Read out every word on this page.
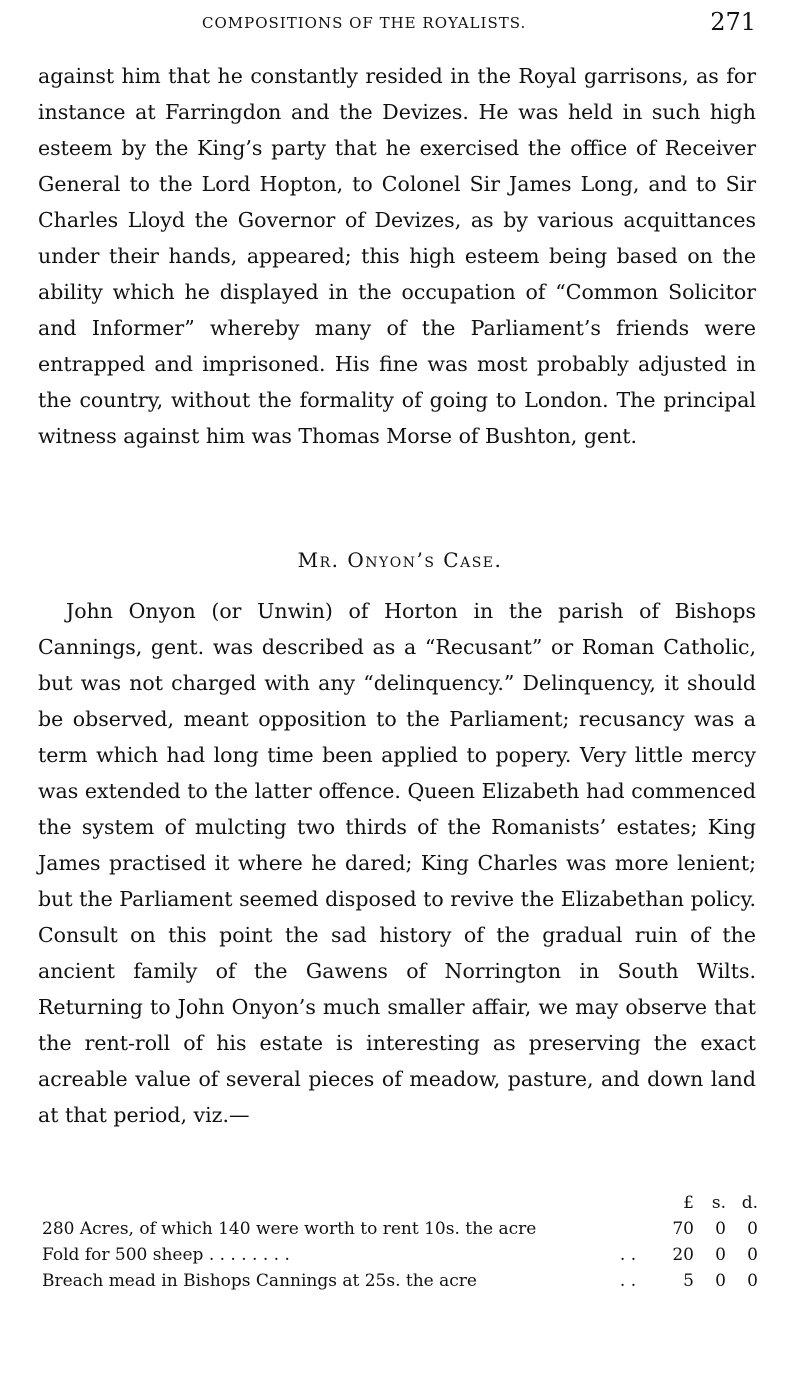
COMPOSITIONS OF THE ROYALISTS.	271
against him that he constantly resided in the Royal garrisons, as for instance at Farringdon and the Devizes. He was held in such high esteem by the King’s party that he exercised the office of Receiver General to the Lord Hopton, to Colonel Sir James Long, and to Sir Charles Lloyd the Governor of Devizes, as by various acquittances under their hands, appeared; this high esteem being based on the ability which he displayed in the occupation of “Common Solicitor and Informer” whereby many of the Parliament’s friends were entrapped and imprisoned. His fine was most probably adjusted in the country, without the formality of going to London. The principal witness against him was Thomas Morse of Bushton, gent.
Mr. Onyon’s Case.
John Onyon (or Unwin) of Horton in the parish of Bishops Cannings, gent. was described as a “Recusant” or Roman Catholic, but was not charged with any “delinquency.” Delinquency, it should be observed, meant opposition to the Parliament; recusancy was a term which had long time been applied to popery. Very little mercy was extended to the latter offence. Queen Elizabeth had commenced the system of mulcting two thirds of the Romanists’ estates; King James practised it where he dared; King Charles was more lenient; but the Parliament seemed disposed to revive the Elizabethan policy. Consult on this point the sad history of the gradual ruin of the ancient family of the Gawens of Norrington in South Wilts. Returning to John Onyon’s much smaller affair, we may observe that the rent-roll of his estate is interesting as preserving the exact acreable value of several pieces of meadow, pasture, and down land at that period, viz.—
£	s. d.
280 Acres, of which 140 were worth to rent 10s. the acre	70	0	0
Fold for 500 sheep . . . . . . . .	. .	20	0	0
Breach mead in Bishops Cannings at 25s. the acre	. .	5	0	0
